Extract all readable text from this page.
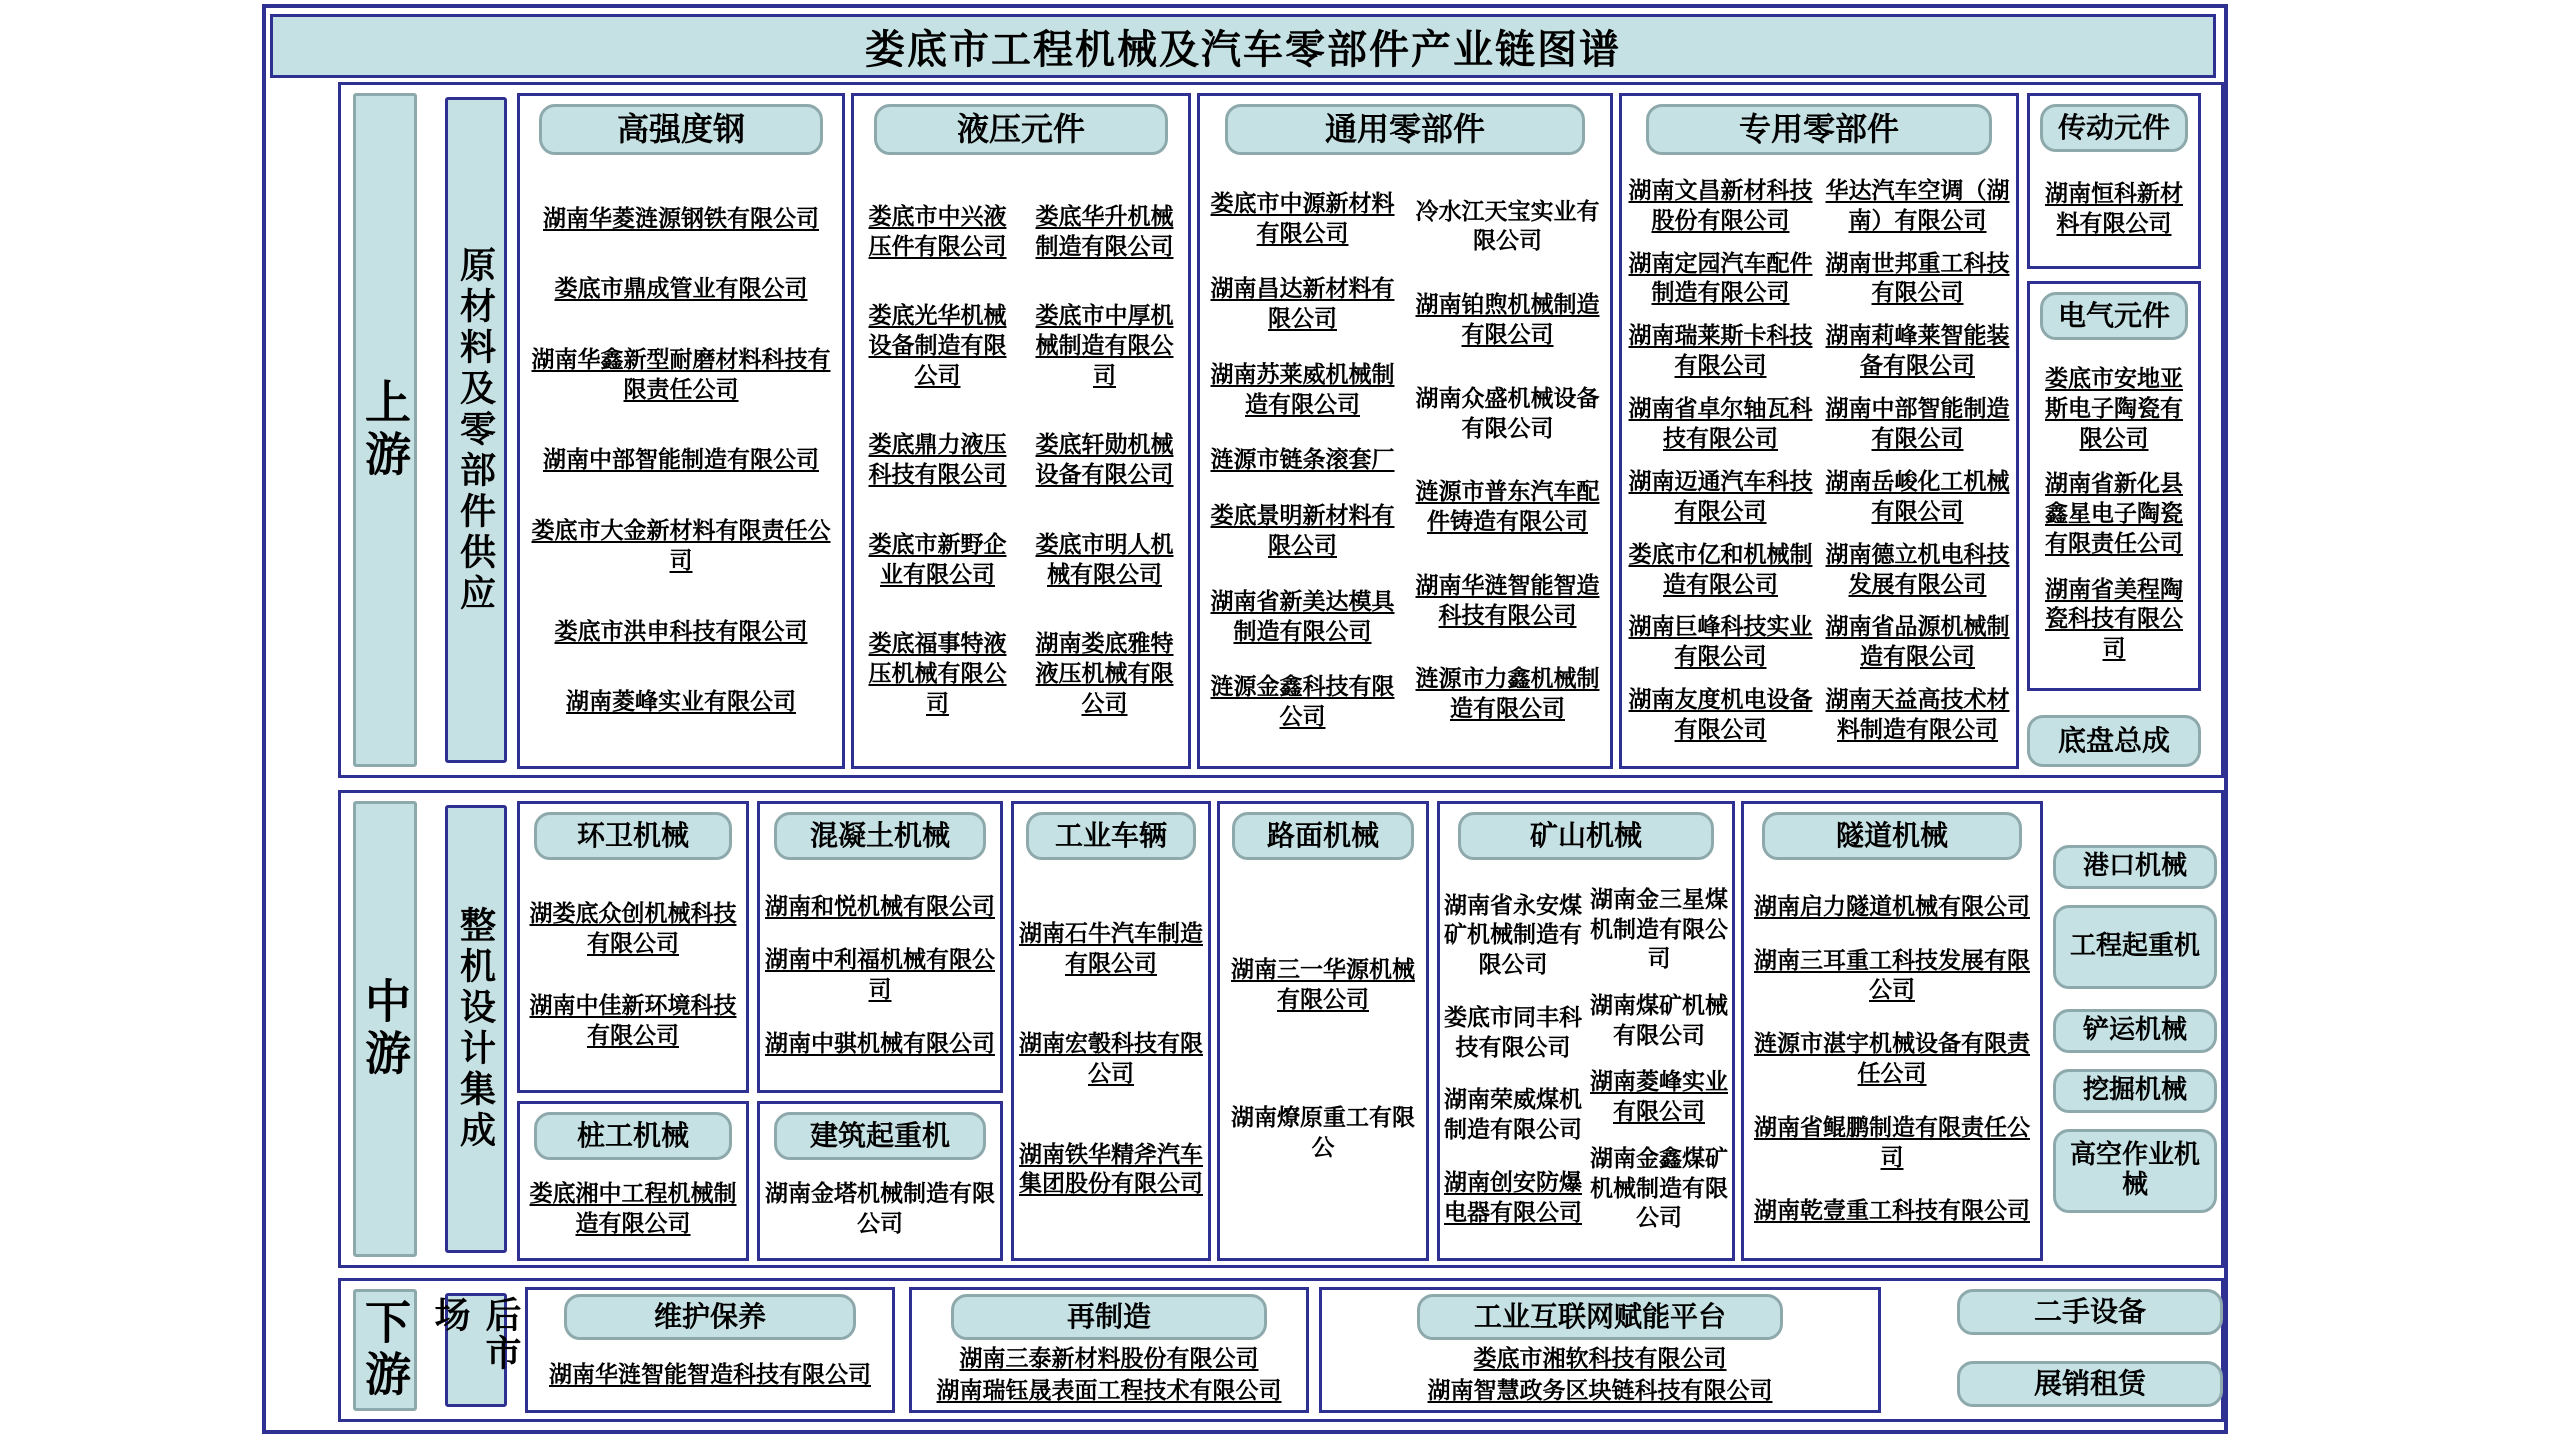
娄底市工程机械及汽车零部件产业链图谱
上游 原材料及零部件供应
高强度钢
湖南华菱涟源钢铁有限公司
娄底市鼎成管业有限公司
湖南华鑫新型耐磨材料科技有限责任公司
湖南中部智能制造有限公司
娄底市大金新材料有限责任公司
娄底市洪申科技有限公司
湖南菱峰实业有限公司
液压元件
娄底市中兴液压件有限公司
娄底光华机械设备制造有限公司
娄底鼎力液压科技有限公司
娄底市新野企业有限公司
娄底福事特液压机械有限公司
娄底华升机械制造有限公司
娄底市中厚机械制造有限公司
娄底轩勋机械设备有限公司
娄底市明人机械有限公司
湖南娄底雅特液压机械有限公司
通用零部件
娄底市中源新材料有限公司
湖南昌达新材料有限公司
湖南苏莱威机械制造有限公司
涟源市链条滚套厂
娄底景明新材料有限公司
湖南省新美达模具制造有限公司
涟源金鑫科技有限公司
冷水江天宝实业有限公司
湖南铂煦机械制造有限公司
湖南众盛机械设备有限公司
涟源市普东汽车配件铸造有限公司
湖南华涟智能智造科技有限公司
涟源市力鑫机械制造有限公司
专用零部件
湖南文昌新材科技股份有限公司
湖南定园汽车配件制造有限公司
湖南瑞莱斯卡科技有限公司
湖南省卓尔轴瓦科技有限公司
湖南迈通汽车科技有限公司
娄底市亿和机械制造有限公司
湖南巨峰科技实业有限公司
湖南友度机电设备有限公司
华达汽车空调（湖南）有限公司
湖南世邦重工科技有限公司
湖南莉峰莱智能装备有限公司
湖南中部智能制造有限公司
湖南岳峻化工机械有限公司
湖南德立机电科技发展有限公司
湖南省品源机械制造有限公司
湖南天益高技术材料制造有限公司
传动元件
湖南恒科新材料有限公司
电气元件
娄底市安地亚斯电子陶瓷有限公司
湖南省新化县鑫星电子陶瓷有限责任公司
湖南省美程陶瓷科技有限公司
底盘总成
中游 整机设计集成
环卫机械
湖娄底众创机械科技有限公司
湖南中佳新环境科技有限公司
桩工机械
娄底湘中工程机械制造有限公司
混凝土机械
湖南和悦机械有限公司
湖南中利福机械有限公司
湖南中骐机械有限公司
建筑起重机
湖南金塔机械制造有限公司
工业车辆
湖南石牛汽车制造有限公司
湖南宏彀科技有限公司
湖南铁华精斧汽车集团股份有限公司
路面机械
湖南三一华源机械有限公司
湖南燎原重工有限公
矿山机械
湖南省永安煤矿机械制造有限公司
娄底市同丰科技有限公司
湖南荣威煤机制造有限公司
湖南创安防爆电器有限公司
湖南金三星煤机制造有限公司
湖南煤矿机械有限公司
湖南菱峰实业有限公司
湖南金鑫煤矿机械制造有限公司
隧道机械
湖南启力隧道机械有限公司
湖南三耳重工科技发展有限公司
涟源市湛宇机械设备有限责任公司
湖南省鲲鹏制造有限责任公司
湖南乾壹重工科技有限公司
港口机械
工程起重机
铲运机械
挖掘机械
高空作业机械
下游	后市场	维护保养
湖南华涟智能智造科技有限公司
再制造
湖南三泰新材料股份有限公司
湖南瑞钰晟表面工程技术有限公司
工业互联网赋能平台
娄底市湘软科技有限公司
湖南智慧政务区块链科技有限公司
二手设备
展销租赁
